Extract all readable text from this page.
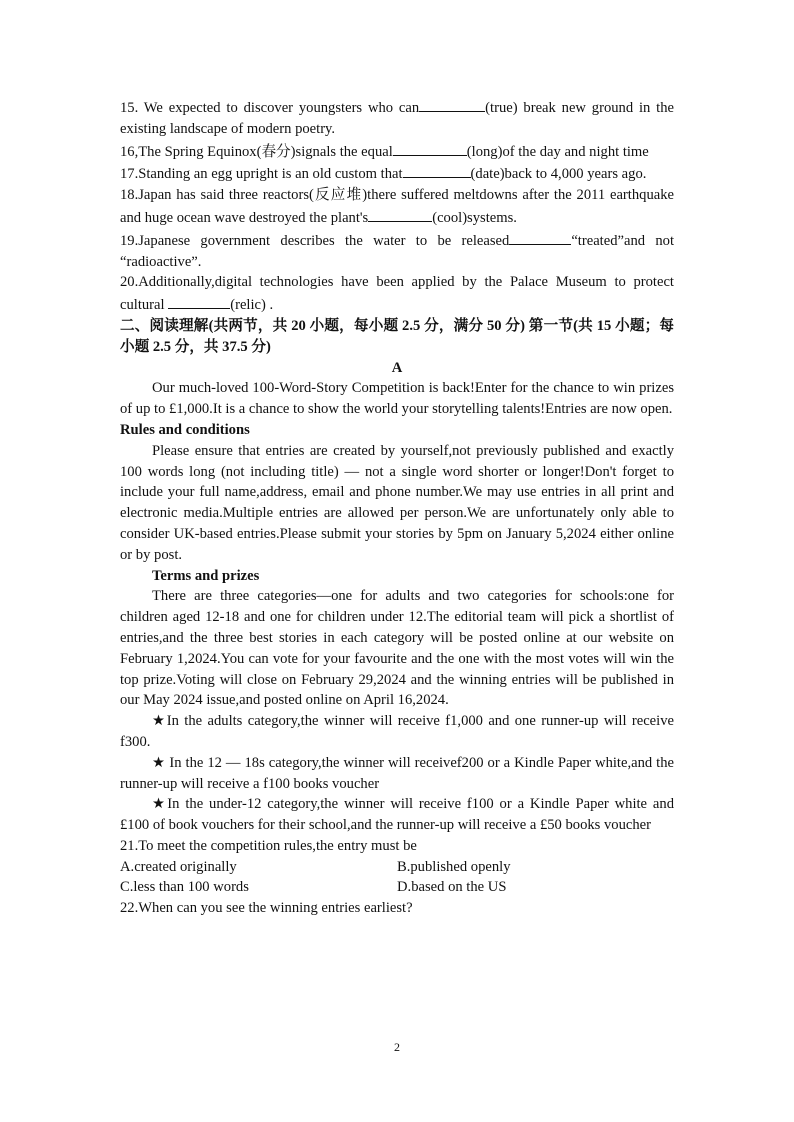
15. We expected to discover youngsters who can	(true) break new ground in the existing landscape of modern poetry.

16,The Spring Equinox(春分)signals the equal	(long)of the day and night time

17.Standing an egg upright is an old custom that	(date)back to 4,000 years ago.

18.Japan has said three reactors(反应堆)there suffered meltdowns after the 2011 earthquake and huge ocean wave destroyed the plant's	(cool)systems.

19.Japanese government describes the water to be released	“treated”and not “radioactive”.

20.Additionally,digital technologies have been applied by the Palace Museum to protect cultural	(relic) .

二、阅读理解(共两节，共 20 小题，每小题 2.5 分，满分 50 分) 第一节(共 15 小题；每小题 2.5 分，共 37.5 分)

A

Our much-loved 100-Word-Story Competition is back!Enter for the chance to win prizes of up to £1,000.It is a chance to show the world your storytelling talents!Entries are now open.

Rules and conditions

Please ensure that entries are created by yourself,not previously published and exactly 100 words long (not including title) — not a single word shorter or longer!Don't forget to include your full name,address, email and phone number.We may use entries in all print and electronic media.Multiple entries are allowed per person.We are unfortunately only able to consider UK-based entries.Please submit your stories by 5pm on January 5,2024 either online or by post.

Terms and prizes

There are three categories—one for adults and two categories for schools:one for children aged 12-18 and one for children under 12.The editorial team will pick a shortlist of entries,and the three best stories in each category will be posted online at our website on February 1,2024.You can vote for your favourite and the one with the most votes will win the top prize.Voting will close on February 29,2024 and the winning entries will be published in our May 2024 issue,and posted online on April 16,2024.

★In the adults category,the winner will receive f1,000 and one runner-up will receive f300.

★ In the 12 — 18s category,the winner will receivef200 or a Kindle Paper white,and the runner-up will receive a f100 books voucher

★In the under-12 category,the winner will receive f100 or a Kindle Paper white and £100 of book vouchers for their school,and the runner-up will receive a £50 books voucher

21.To meet the competition rules,the entry must be

A.created originally	B.published openly
C.less than 100 words	D.based on the US

22.When can you see the winning entries earliest?

2
